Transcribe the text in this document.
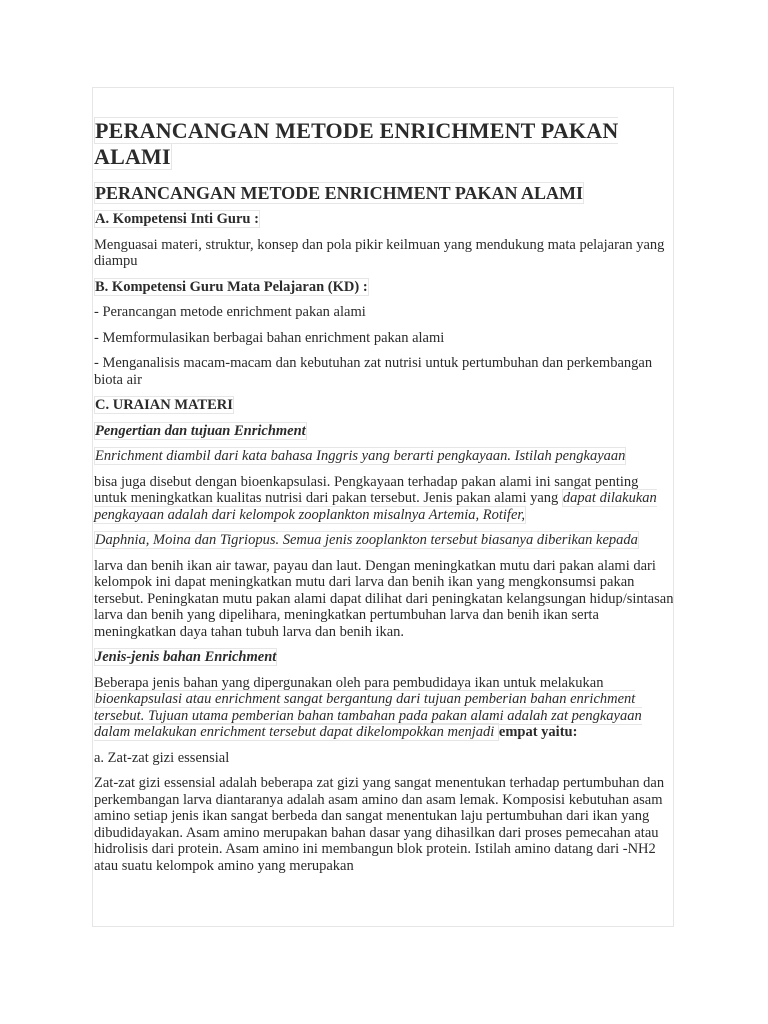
PERANCANGAN METODE ENRICHMENT PAKAN ALAMI
PERANCANGAN METODE ENRICHMENT PAKAN ALAMI

A. Kompetensi Inti Guru :

Menguasai materi, struktur, konsep dan pola pikir keilmuan yang mendukung mata pelajaran yang diampu

B. Kompetensi Guru Mata Pelajaran (KD) :

- Perancangan metode enrichment pakan alami

- Memformulasikan berbagai bahan enrichment pakan alami

- Menganalisis macam-macam dan kebutuhan zat nutrisi untuk pertumbuhan dan perkembangan biota air

C. URAIAN MATERI

Pengertian dan tujuan Enrichment

Enrichment diambil dari kata bahasa Inggris yang berarti pengkayaan. Istilah pengkayaan

bisa juga disebut dengan bioenkapsulasi. Pengkayaan terhadap pakan alami ini sangat penting untuk meningkatkan kualitas nutrisi dari pakan tersebut. Jenis pakan alami yang dapat dilakukan pengkayaan adalah dari kelompok zooplankton misalnya Artemia, Rotifer,

Daphnia, Moina dan Tigriopus. Semua jenis zooplankton tersebut biasanya diberikan kepada

larva dan benih ikan air tawar, payau dan laut. Dengan meningkatkan mutu dari pakan alami dari kelompok ini dapat meningkatkan mutu dari larva dan benih ikan yang mengkonsumsi pakan tersebut. Peningkatan mutu pakan alami dapat dilihat dari peningkatan kelangsungan hidup/sintasan larva dan benih yang dipelihara, meningkatkan pertumbuhan larva dan benih ikan serta meningkatkan daya tahan tubuh larva dan benih ikan.

Jenis-jenis bahan Enrichment

Beberapa jenis bahan yang dipergunakan oleh para pembudidaya ikan untuk melakukan bioenkapsulasi atau enrichment sangat bergantung dari tujuan pemberian bahan enrichment tersebut. Tujuan utama pemberian bahan tambahan pada pakan alami adalah zat pengkayaan dalam melakukan enrichment tersebut dapat dikelompokkan menjadi empat yaitu:

a. Zat-zat gizi essensial

Zat-zat gizi essensial adalah beberapa zat gizi yang sangat menentukan terhadap pertumbuhan dan perkembangan larva diantaranya adalah asam amino dan asam lemak. Komposisi kebutuhan asam amino setiap jenis ikan sangat berbeda dan sangat menentukan laju pertumbuhan dari ikan yang dibudidayakan. Asam amino merupakan bahan dasar yang dihasilkan dari proses pemecahan atau hidrolisis dari protein. Asam amino ini membangun blok protein. Istilah amino datang dari -NH2 atau suatu kelompok amino yang merupakan
